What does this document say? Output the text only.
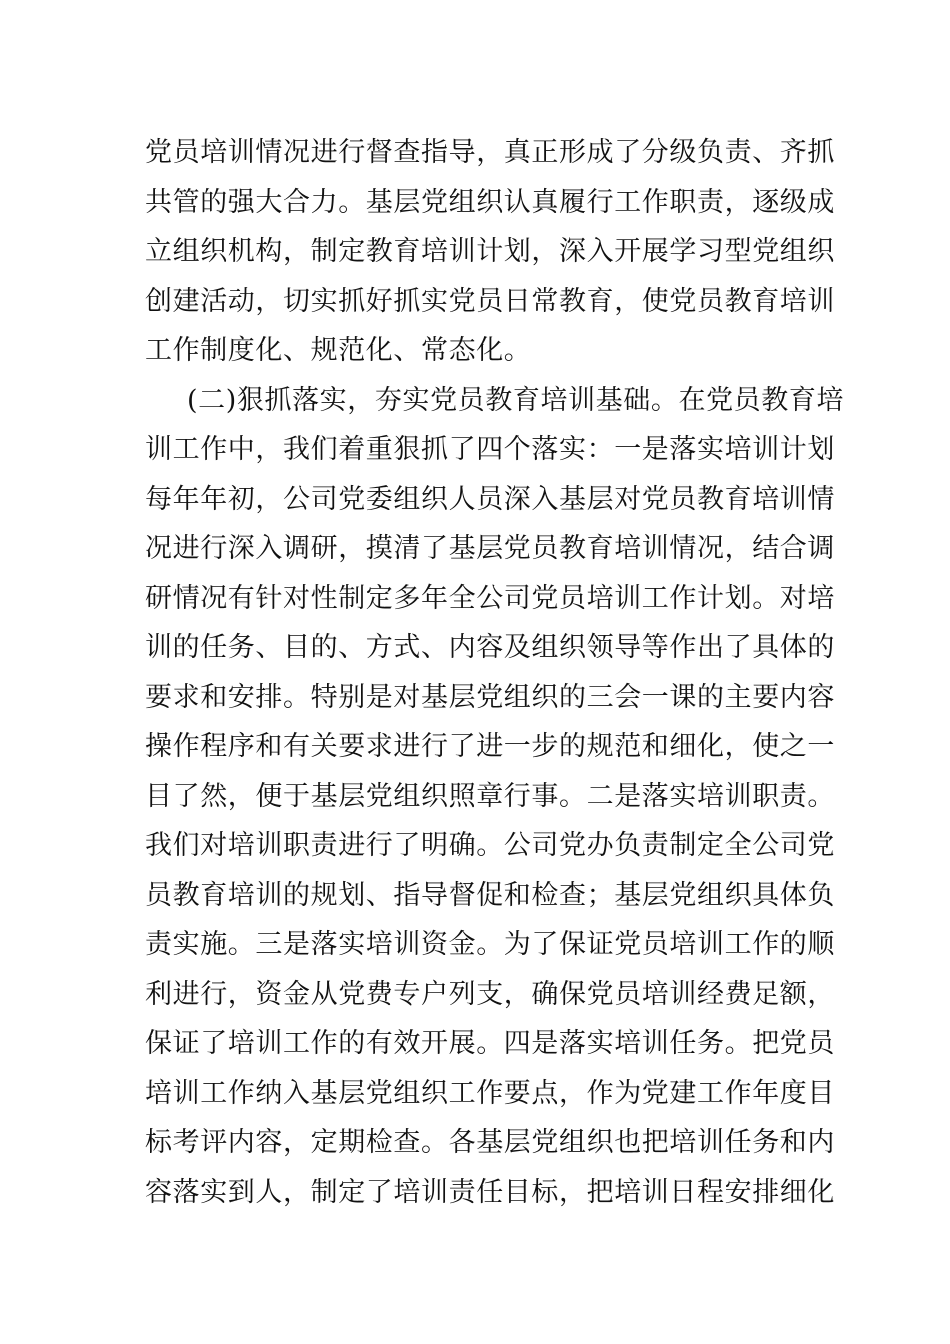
党员培训情况进行督查指导，真正形成了分级负责、齐抓
共管的强大合力。基层党组织认真履行工作职责，逐级成
立组织机构，制定教育培训计划，深入开展学习型党组织
创建活动，切实抓好抓实党员日常教育，使党员教育培训
工作制度化、规范化、常态化。
(二)狠抓落实，夯实党员教育培训基础。在党员教育培
训工作中，我们着重狠抓了四个落实：一是落实培训计划
每年年初，公司党委组织人员深入基层对党员教育培训情
况进行深入调研，摸清了基层党员教育培训情况，结合调
研情况有针对性制定多年全公司党员培训工作计划。对培
训的任务、目的、方式、内容及组织领导等作出了具体的
要求和安排。特别是对基层党组织的三会一课的主要内容
操作程序和有关要求进行了进一步的规范和细化，使之一
目了然，便于基层党组织照章行事。二是落实培训职责。
我们对培训职责进行了明确。公司党办负责制定全公司党
员教育培训的规划、指导督促和检查；基层党组织具体负
责实施。三是落实培训资金。为了保证党员培训工作的顺
利进行，资金从党费专户列支，确保党员培训经费足额，
保证了培训工作的有效开展。四是落实培训任务。把党员
培训工作纳入基层党组织工作要点，作为党建工作年度目
标考评内容，定期检查。各基层党组织也把培训任务和内
容落实到人，制定了培训责任目标，把培训日程安排细化
